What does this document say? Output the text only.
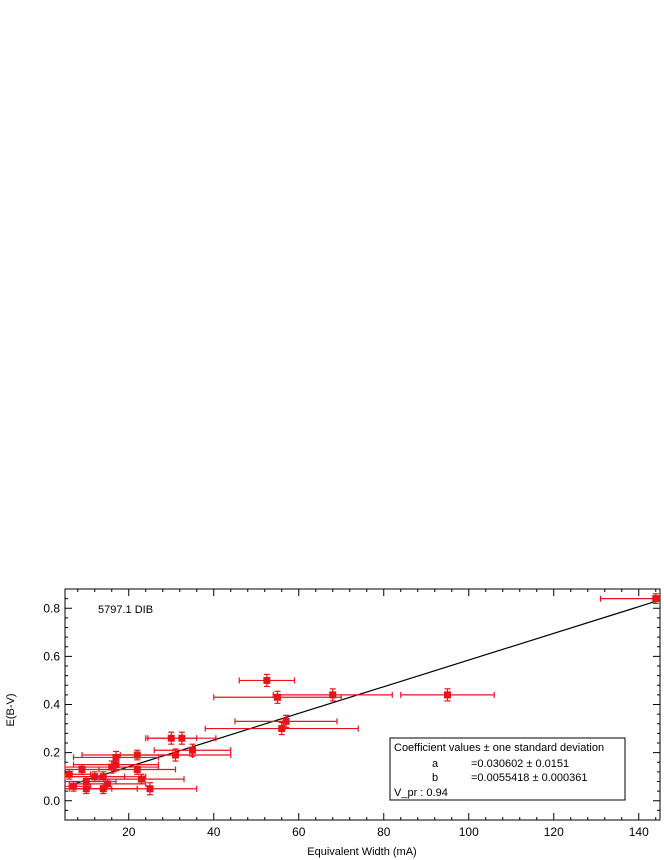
20	40	60	80	100	120	140
0.0
0.2
0.4
0.6
0.8	5797.1 DIB
Equivalent Width (mA)
E(B-V)
Coefficient values ± one standard deviation
a	=0.030602 ± 0.0151
b	=0.0055418 ± 0.000361
V_pr : 0.94
